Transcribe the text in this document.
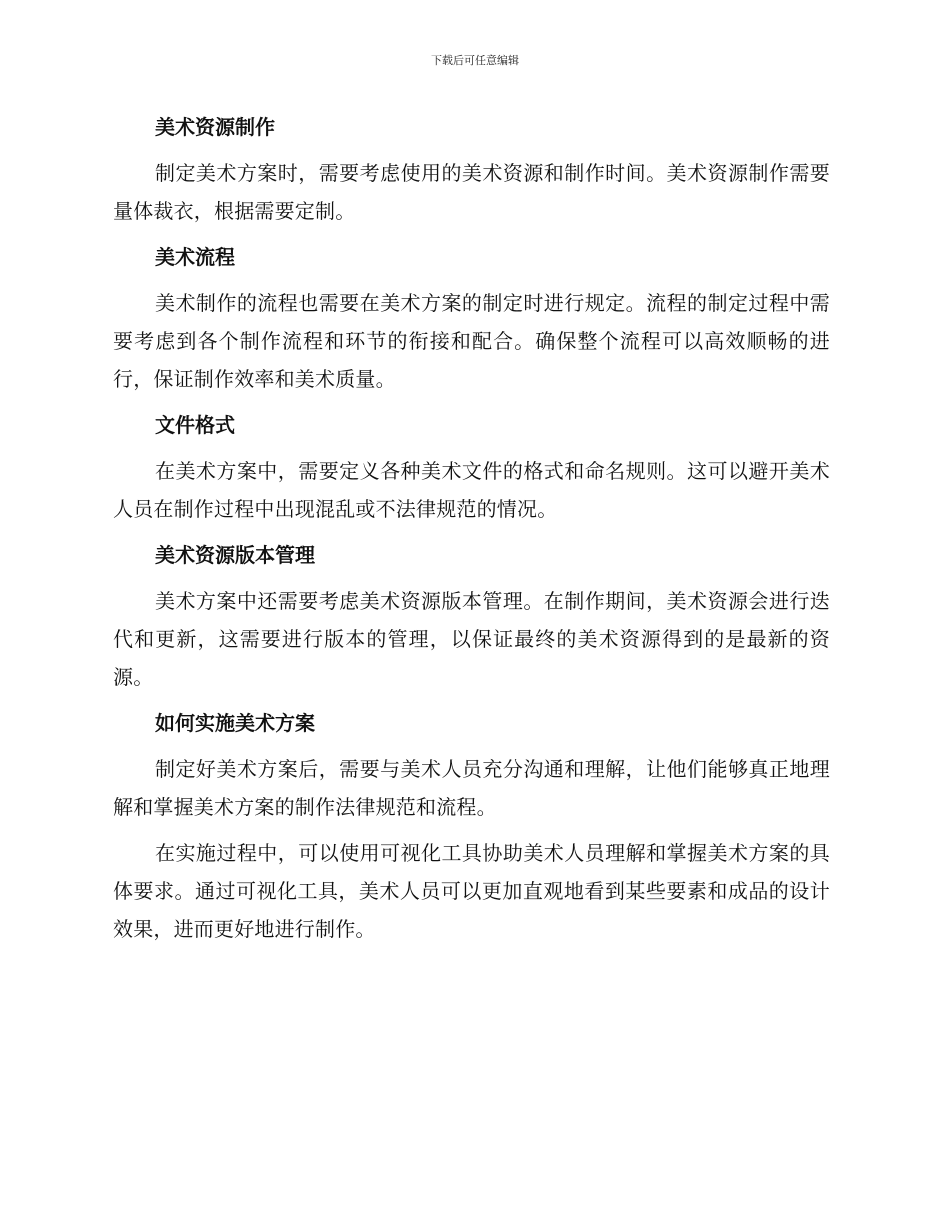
下载后可任意编辑
美术资源制作

制定美术方案时，需要考虑使用的美术资源和制作时间。美术资源制作需要量体裁衣，根据需要定制。

美术流程

美术制作的流程也需要在美术方案的制定时进行规定。流程的制定过程中需要考虑到各个制作流程和环节的衔接和配合。确保整个流程可以高效顺畅的进行，保证制作效率和美术质量。

文件格式

在美术方案中，需要定义各种美术文件的格式和命名规则。这可以避开美术人员在制作过程中出现混乱或不法律规范的情况。

美术资源版本管理

美术方案中还需要考虑美术资源版本管理。在制作期间，美术资源会进行迭代和更新，这需要进行版本的管理，以保证最终的美术资源得到的是最新的资源。

如何实施美术方案

制定好美术方案后，需要与美术人员充分沟通和理解，让他们能够真正地理解和掌握美术方案的制作法律规范和流程。

在实施过程中，可以使用可视化工具协助美术人员理解和掌握美术方案的具体要求。通过可视化工具，美术人员可以更加直观地看到某些要素和成品的设计效果，进而更好地进行制作。
